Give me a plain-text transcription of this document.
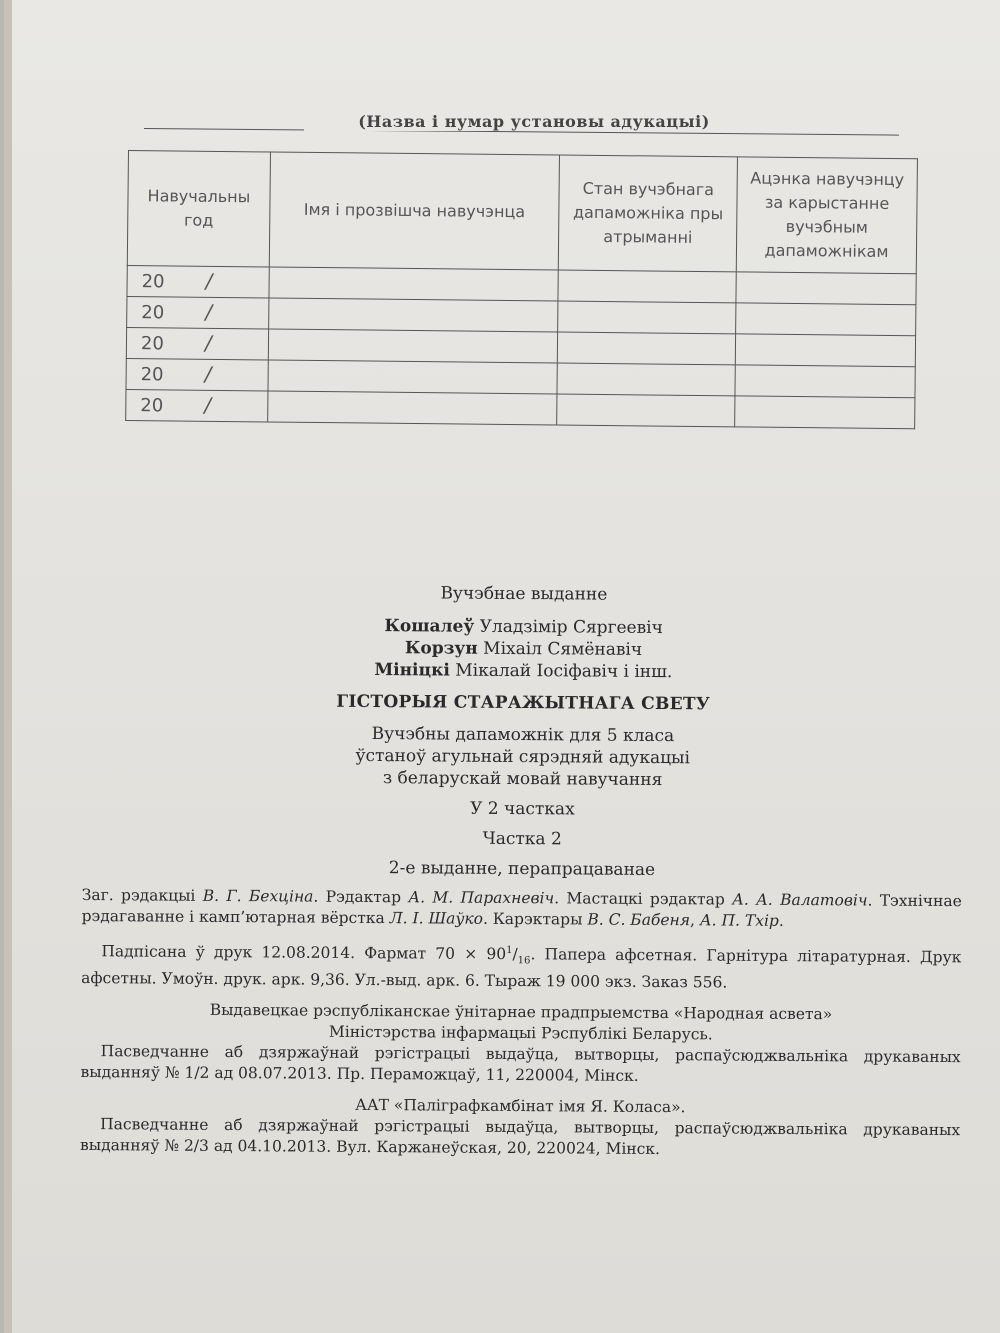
(Назва і нумар установы адукацыі)
Навучальны год	Імя і прозвішча навучэнца	Стан вучэбнага дапаможніка пры атрыманні	Ацэнка навучэнцу за карыстанне вучэбным дапаможнікам
20 /			

20 /			

20 /			

20 /			

20 /			

Вучэбнае выданне
Кошалеў Уладзімір Сяргеевіч
Корзун Міхаіл Сямёнавіч
Мініцкі Мікалай Іосіфавіч і інш.
ГІСТОРЫЯ СТАРАЖЫТНАГА СВЕТУ
Вучэбны дапаможнік для 5 класа
ўстаноў агульнай сярэдняй адукацыі
з беларускай мовай навучання
У 2 частках
Частка 2
2-е выданне, перапрацаванае
Заг. рэдакцыі В. Г. Бехціна. Рэдактар А. М. Парахневіч. Мастацкі рэдактар А. А. Валатовіч. Тэхнічнае рэдагаванне і камп’ютарная вёрстка Л. І. Шаўко. Карэктары В. С. Бабеня, А. П. Тхір.
Падпісана ў друк 12.08.2014. Фармат $70 \times 90^1/_{16}$. Папера афсетная. Гарнітура літаратурная. Друк афсетны. Умоўн. друк. арк. 9,36. Ул.-выд. арк. 6. Тыраж 19 000 экз. Заказ 556.
Выдавецкае рэспубліканскае ўнітарнае прадпрыемства «Народная асвета»
Міністэрства інфармацыі Рэспублікі Беларусь.
Пасведчанне аб дзяржаўнай рэгістрацыі выдаўца, вытворцы, распаўсюджвальніка друкаваных выданняў № 1/2 ад 08.07.2013. Пр. Пераможцаў, 11, 220004, Мінск.
ААТ «Паліграфкамбінат імя Я. Коласа».
Пасведчанне аб дзяржаўнай рэгістрацыі выдаўца, вытворцы, распаўсюджвальніка друкаваных выданняў № 2/3 ад 04.10.2013. Вул. Каржанеўская, 20, 220024, Мінск.
